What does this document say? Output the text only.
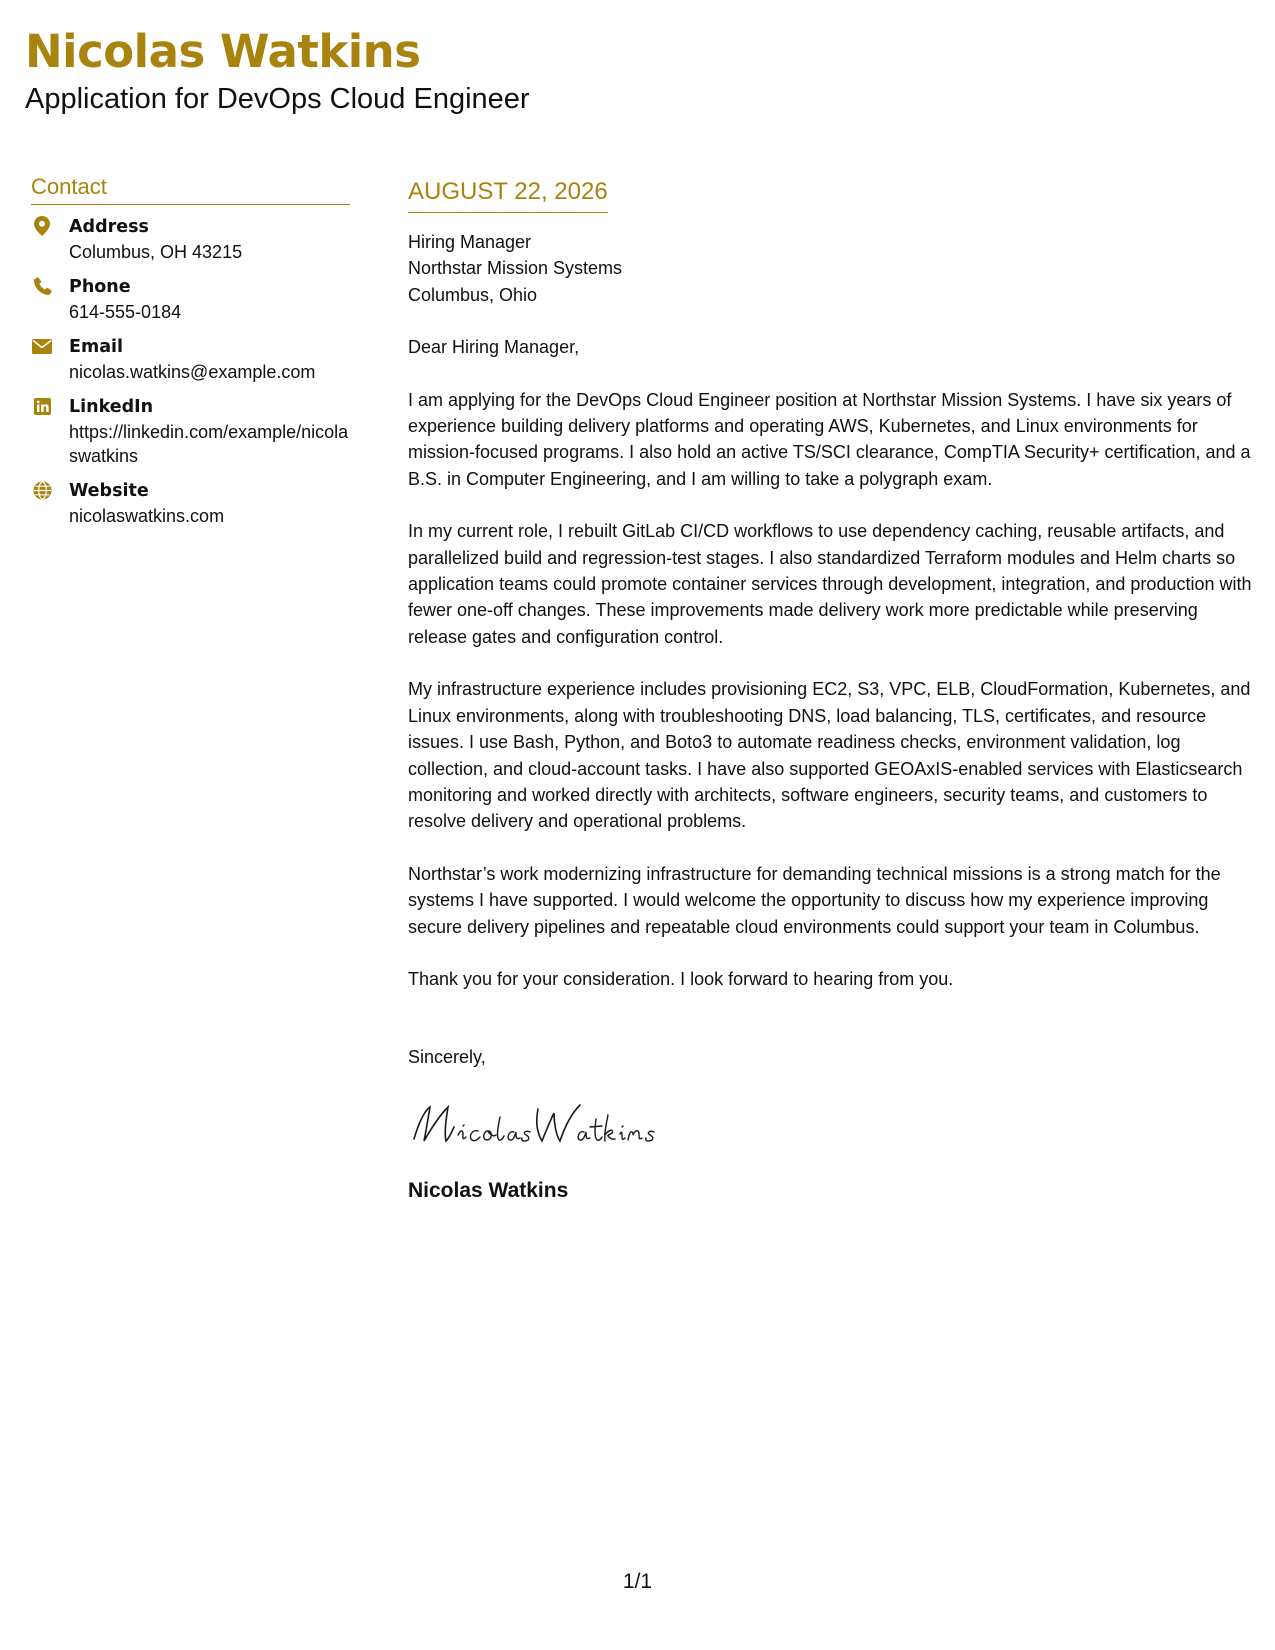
Nicolas Watkins
Application for DevOps Cloud Engineer
Contact
Address
Columbus, OH 43215
Phone
614-555-0184
Email
nicolas.watkins@example.com
LinkedIn
https://linkedin.com/example/nicolaswatkins
Website
nicolaswatkins.com
AUGUST 22, 2026
Hiring Manager
Northstar Mission Systems
Columbus, Ohio

Dear Hiring Manager,

I am applying for the DevOps Cloud Engineer position at Northstar Mission Systems. I have six years of experience building delivery platforms and operating AWS, Kubernetes, and Linux environments for mission-focused programs. I also hold an active TS/SCI clearance, CompTIA Security+ certification, and a B.S. in Computer Engineering, and I am willing to take a polygraph exam.

In my current role, I rebuilt GitLab CI/CD workflows to use dependency caching, reusable artifacts, and parallelized build and regression-test stages. I also standardized Terraform modules and Helm charts so application teams could promote container services through development, integration, and production with fewer one-off changes. These improvements made delivery work more predictable while preserving release gates and configuration control.

My infrastructure experience includes provisioning EC2, S3, VPC, ELB, CloudFormation, Kubernetes, and Linux environments, along with troubleshooting DNS, load balancing, TLS, certificates, and resource issues. I use Bash, Python, and Boto3 to automate readiness checks, environment validation, log collection, and cloud-account tasks. I have also supported GEOAxIS-enabled services with Elasticsearch monitoring and worked directly with architects, software engineers, security teams, and customers to resolve delivery and operational problems.

Northstar’s work modernizing infrastructure for demanding technical missions is a strong match for the systems I have supported. I would welcome the opportunity to discuss how my experience improving secure delivery pipelines and repeatable cloud environments could support your team in Columbus.

Thank you for your consideration. I look forward to hearing from you.

Sincerely,

Nicolas Watkins
1/1
